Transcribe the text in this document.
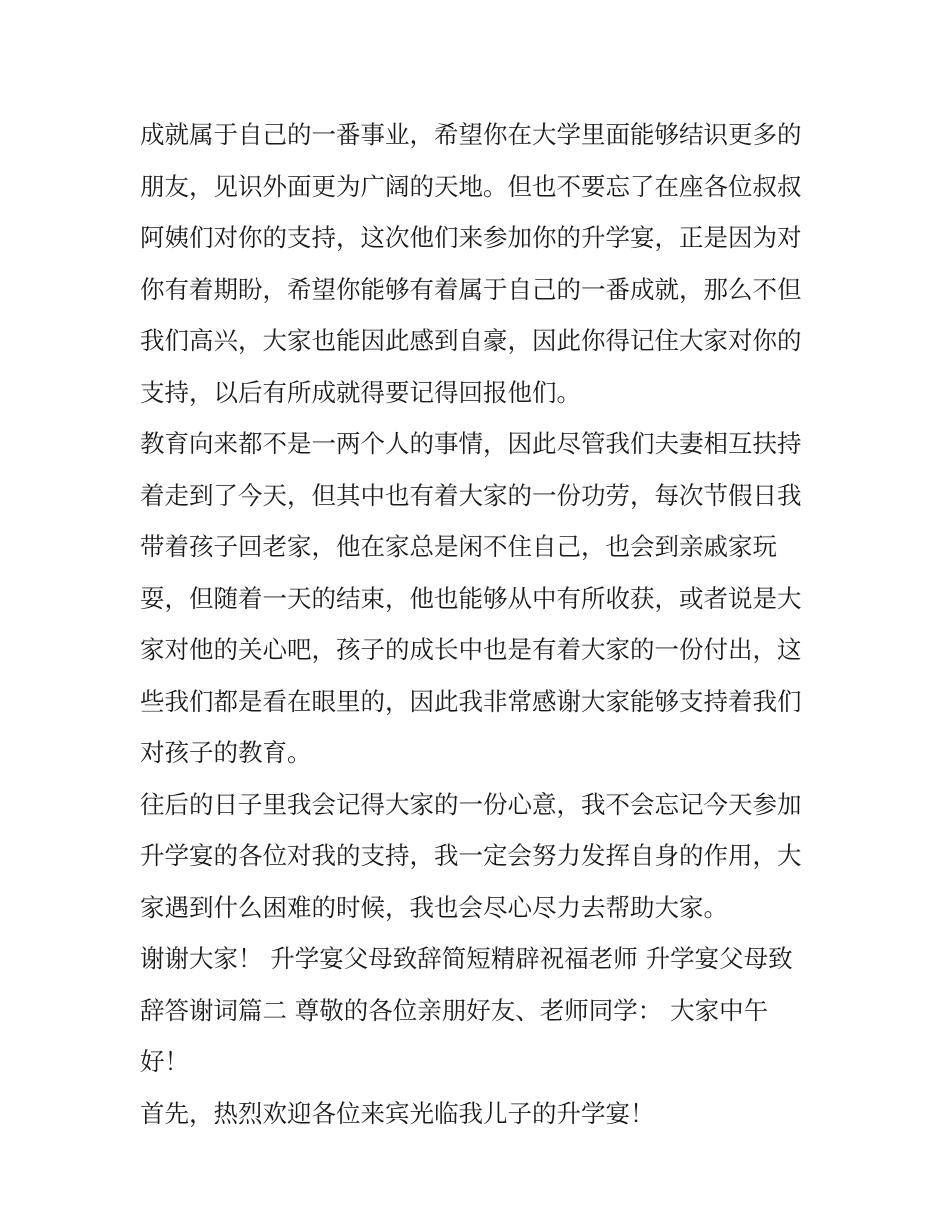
成就属于自己的一番事业，希望你在大学里面能够结识更多的
朋友，见识外面更为广阔的天地。但也不要忘了在座各位叔叔
阿姨们对你的支持，这次他们来参加你的升学宴，正是因为对
你有着期盼，希望你能够有着属于自己的一番成就，那么不但
我们高兴，大家也能因此感到自豪，因此你得记住大家对你的
支持，以后有所成就得要记得回报他们。
教育向来都不是一两个人的事情，因此尽管我们夫妻相互扶持
着走到了今天，但其中也有着大家的一份功劳，每次节假日我
带着孩子回老家，他在家总是闲不住自己，也会到亲戚家玩
耍，但随着一天的结束，他也能够从中有所收获，或者说是大
家对他的关心吧，孩子的成长中也是有着大家的一份付出，这
些我们都是看在眼里的，因此我非常感谢大家能够支持着我们
对孩子的教育。
往后的日子里我会记得大家的一份心意，我不会忘记今天参加
升学宴的各位对我的支持，我一定会努力发挥自身的作用，大
家遇到什么困难的时候，我也会尽心尽力去帮助大家。
谢谢大家！ 升学宴父母致辞简短精辟祝福老师 升学宴父母致
辞答谢词篇二 尊敬的各位亲朋好友、老师同学： 大家中午
好！
首先，热烈欢迎各位来宾光临我儿子的升学宴！
